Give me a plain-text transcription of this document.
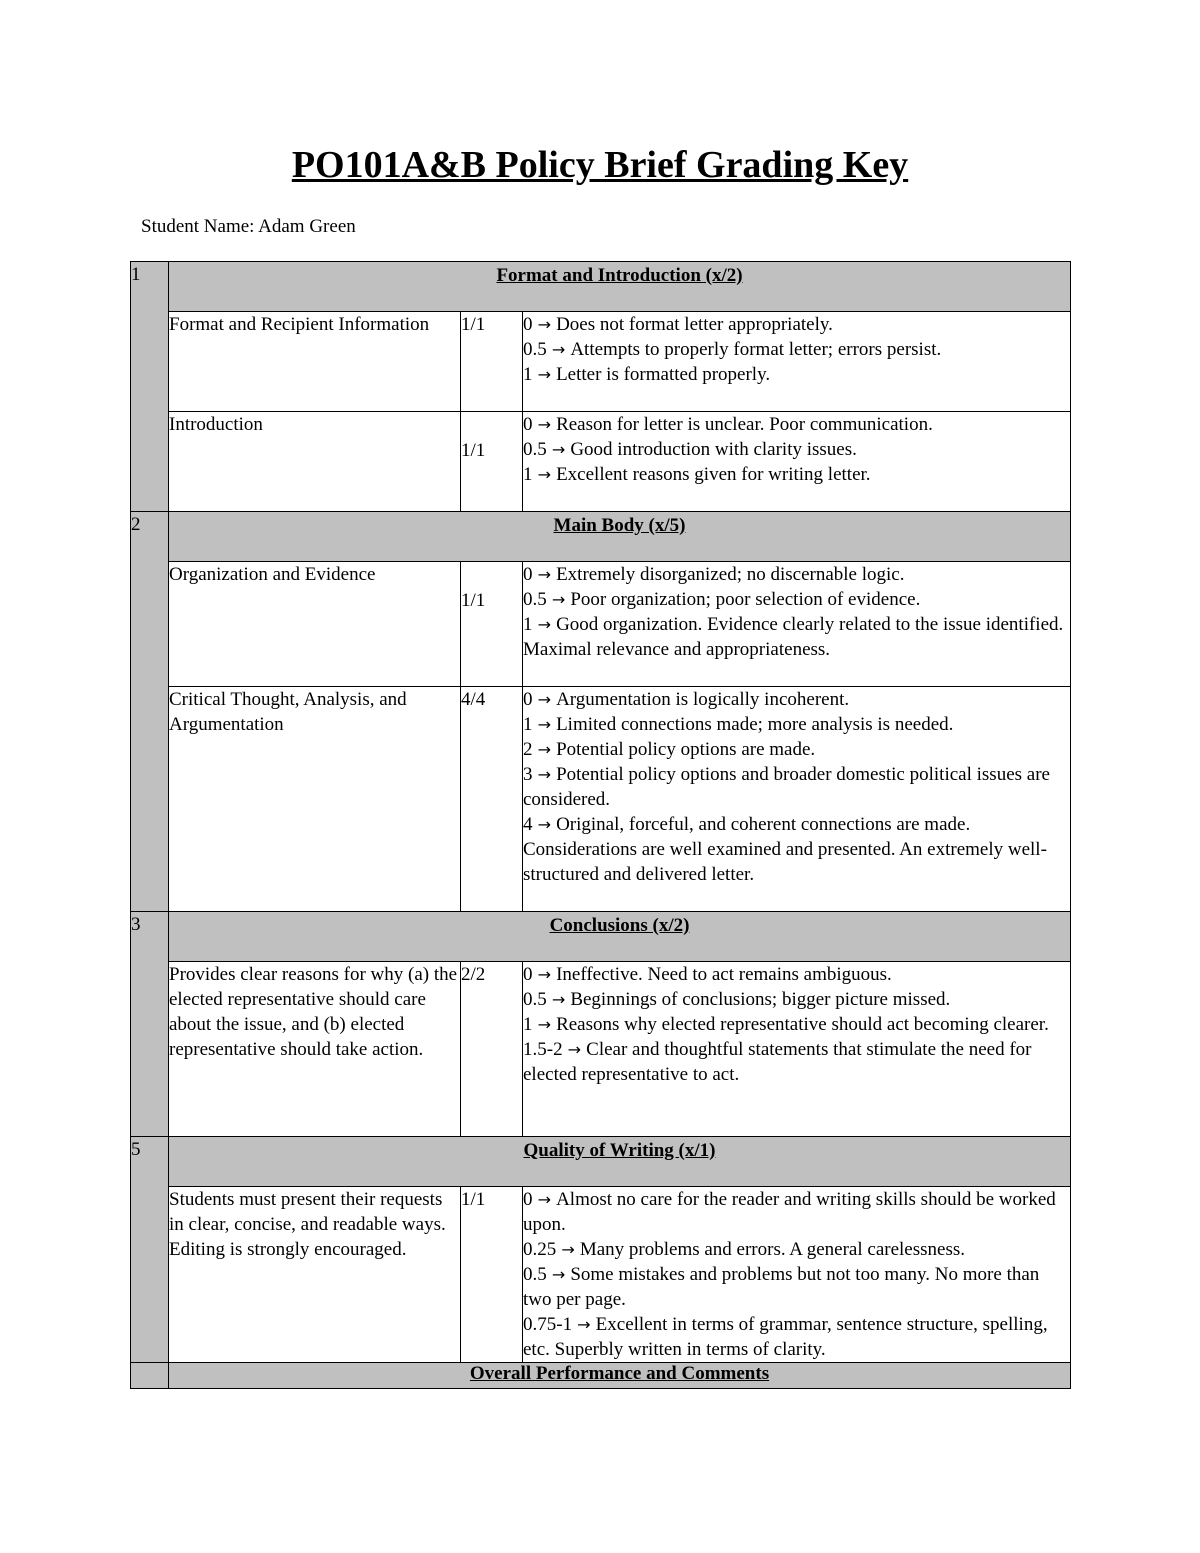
PO101A&B Policy Brief Grading Key
Student Name: Adam Green
1	Format and Introduction (x/2)		

	Format and Recipient Information	1/1	0 → Does not format letter appropriately.
0.5 → Attempts to properly format letter; errors persist.
1 → Letter is formatted properly.

	Introduction	1/1	0 → Reason for letter is unclear. Poor communication.
0.5 → Good introduction with clarity issues.
1 → Excellent reasons given for writing letter.

2	Main Body (x/5)		

	Organization and Evidence	1/1	0 → Extremely disorganized; no discernable logic.
0.5 → Poor organization; poor selection of evidence.
1 → Good organization. Evidence clearly related to the issue identified. Maximal relevance and appropriateness.

	Critical Thought, Analysis, and Argumentation	4/4	0 → Argumentation is logically incoherent.
1 → Limited connections made; more analysis is needed.
2 → Potential policy options are made.
3 → Potential policy options and broader domestic political issues are considered.
4 → Original, forceful, and coherent connections are made. Considerations are well examined and presented. An extremely well-structured and delivered letter.

3	Conclusions (x/2)		

	Provides clear reasons for why (a) the elected representative should care about the issue, and (b) elected representative should take action.	2/2	0 → Ineffective. Need to act remains ambiguous.
0.5 → Beginnings of conclusions; bigger picture missed.
1 → Reasons why elected representative should act becoming clearer.
1.5-2 → Clear and thoughtful statements that stimulate the need for elected representative to act.

5	Quality of Writing (x/1)		

	Students must present their requests in clear, concise, and readable ways. Editing is strongly encouraged.	1/1	0 → Almost no care for the reader and writing skills should be worked upon.
0.25 → Many problems and errors. A general carelessness.
0.5 → Some mistakes and problems but not too many. No more than two per page.
0.75-1 → Excellent in terms of grammar, sentence structure, spelling, etc. Superbly written in terms of clarity.

	Overall Performance and Comments		
